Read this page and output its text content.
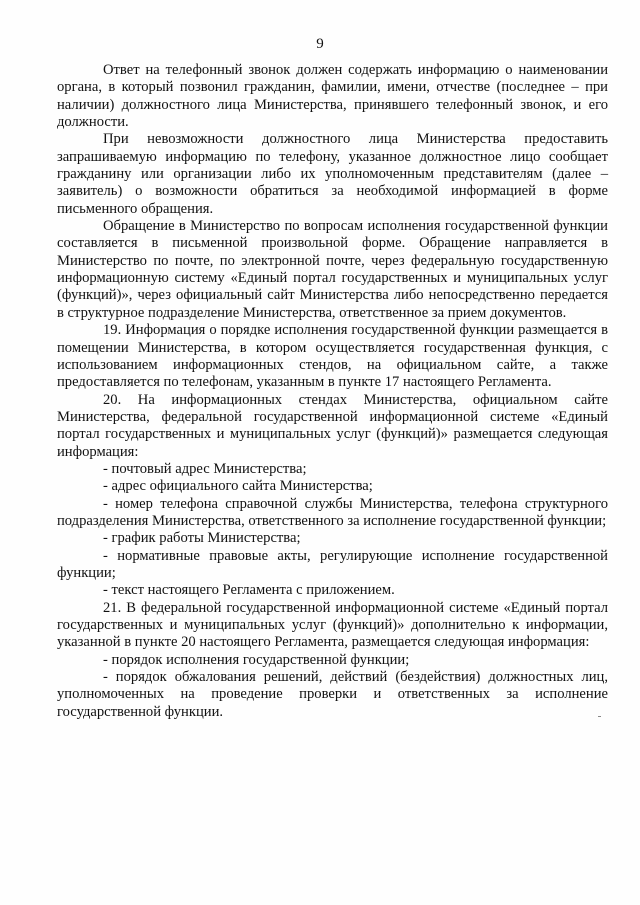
9

Ответ на телефонный звонок должен содержать информацию о наименовании органа, в который позвонил гражданин, фамилии, имени, отчестве (последнее – при наличии) должностного лица Министерства, принявшего телефонный звонок, и его должности.

При невозможности должностного лица Министерства предоставить запрашиваемую информацию по телефону, указанное должностное лицо сообщает гражданину или организации либо их уполномоченным представителям (далее – заявитель) о возможности обратиться за необходимой информацией в форме письменного обращения.

Обращение в Министерство по вопросам исполнения государственной функции составляется в письменной произвольной форме. Обращение направляется в Министерство по почте, по электронной почте, через федеральную государственную информационную систему «Единый портал государственных и муниципальных услуг (функций)», через официальный сайт Министерства либо непосредственно передается в структурное подразделение Министерства, ответственное за прием документов.

19. Информация о порядке исполнения государственной функции размещается в помещении Министерства, в котором осуществляется государственная функция, с использованием информационных стендов, на официальном сайте, а также предоставляется по телефонам, указанным в пункте 17 настоящего Регламента.

20. На информационных стендах Министерства, официальном сайте Министерства, федеральной государственной информационной системе «Единый портал государственных и муниципальных услуг (функций)» размещается следующая информация:

- почтовый адрес Министерства;

- адрес официального сайта Министерства;

- номер телефона справочной службы Министерства, телефона структурного подразделения Министерства, ответственного за исполнение государственной функции;

- график работы Министерства;

- нормативные правовые акты, регулирующие исполнение государственной функции;

- текст настоящего Регламента с приложением.

21. В федеральной государственной информационной системе «Единый портал государственных и муниципальных услуг (функций)» дополнительно к информации, указанной в пункте 20 настоящего Регламента, размещается следующая информация:

- порядок исполнения государственной функции;

- порядок обжалования решений, действий (бездействия) должностных лиц, уполномоченных на проведение проверки и ответственных за исполнение государственной функции.
